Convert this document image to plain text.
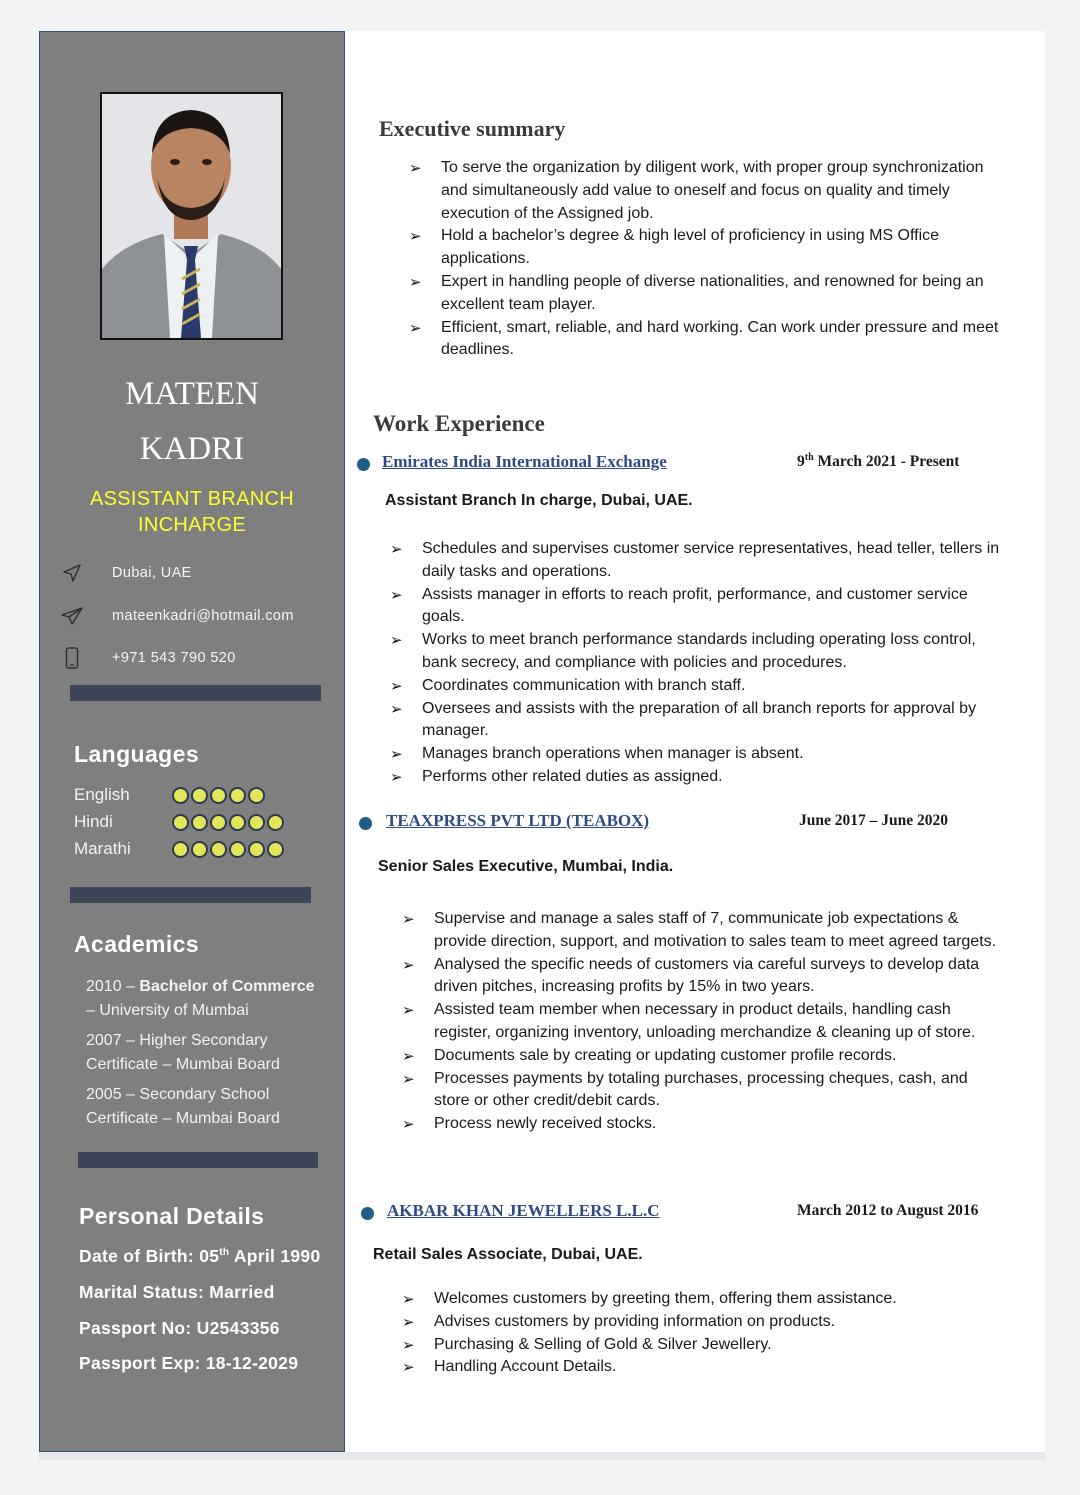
MATEEN
KADRI
ASSISTANT BRANCH
INCHARGE
Dubai, UAE
mateenkadri@hotmail.com
+971 543 790 520
Languages
English
Hindi
Marathi
Academics
2010 – Bachelor of Commerce
– University of Mumbai
2007 – Higher Secondary
Certificate – Mumbai Board
2005 – Secondary School
Certificate – Mumbai Board
Personal Details
Date of Birth: 05th April 1990
Marital Status: Married
Passport No: U2543356
Passport Exp: 18-12-2029
Executive summary
➢ To serve the organization by diligent work, with proper group synchronization and simultaneously add value to oneself and focus on quality and timely execution of the Assigned job.
➢ Hold a bachelor’s degree & high level of proficiency in using MS Office applications.
➢ Expert in handling people of diverse nationalities, and renowned for being an excellent team player.
➢ Efficient, smart, reliable, and hard working. Can work under pressure and meet deadlines.
Work Experience
Emirates India International Exchange	9th March 2021 - Present
Assistant Branch In charge, Dubai, UAE.
➢ Schedules and supervises customer service representatives, head teller, tellers in daily tasks and operations.
➢ Assists manager in efforts to reach profit, performance, and customer service goals.
➢ Works to meet branch performance standards including operating loss control, bank secrecy, and compliance with policies and procedures.
➢ Coordinates communication with branch staff.
➢ Oversees and assists with the preparation of all branch reports for approval by manager.
➢ Manages branch operations when manager is absent.
➢ Performs other related duties as assigned.
TEAXPRESS PVT LTD (TEABOX)	June 2017 – June 2020
Senior Sales Executive, Mumbai, India.
➢ Supervise and manage a sales staff of 7, communicate job expectations & provide direction, support, and motivation to sales team to meet agreed targets.
➢ Analysed the specific needs of customers via careful surveys to develop data driven pitches, increasing profits by 15% in two years.
➢ Assisted team member when necessary in product details, handling cash register, organizing inventory, unloading merchandize & cleaning up of store.
➢ Documents sale by creating or updating customer profile records.
➢ Processes payments by totaling purchases, processing cheques, cash, and store or other credit/debit cards.
➢ Process newly received stocks.
AKBAR KHAN JEWELLERS L.L.C	March 2012 to August 2016
Retail Sales Associate, Dubai, UAE.
➢ Welcomes customers by greeting them, offering them assistance.
➢ Advises customers by providing information on products.
➢ Purchasing & Selling of Gold & Silver Jewellery.
➢ Handling Account Details.
